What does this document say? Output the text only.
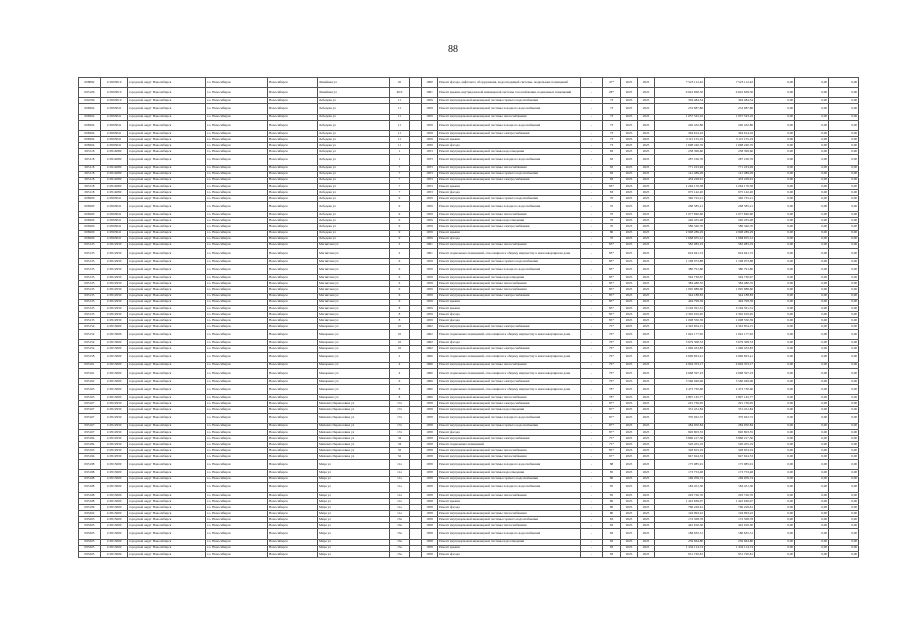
88
008082	110503010	городской округ Новосибирск	г.о. Новосибирск	Новосибирск	Линейная ул	45		1960	Ремонт фасада, лифтового оборудования, водоотводящей системы, подвальных помещений	-	47*	2025	2025	7 523 112,42	7 523 112,42	0,00	0,00	0,00
095106	110503010	городской округ Новосибирск	г.о. Новосибирск	Новосибирск	Линейная ул	40/2		1961	Ремонт крыши, внутридомовой инженерной системы газоснабжения, подвальных помещений	-	28*	2025	2025	9 642 828,50	9 642 828,50	0,00	0,00	0,00
094796	110503010	городской округ Новосибирск	г.о. Новосибирск	Новосибирск	Лебедева ул	11		1959	Ремонт внутридомовой инженерной системы горячего водоснабжения	-	73	2025	2025	394 484,54	394 484,54	0,00	0,00	0,00
008204	110503041	городской округ Новосибирск	г.о. Новосибирск	Новосибирск	Лебедева ул	11		1959	Ремонт внутридомовой инженерной системы холодного водоснабжения	-	73	2025	2025	233 987,86	233 987,86	0,00	0,00	0,00
008204	110503041	городской округ Новосибирск	г.о. Новосибирск	Новосибирск	Лебедева ул	11		1959	Ремонт внутридомовой инженерной системы теплоснабжения	-	73	2025	2025	1 057 543,16	1 057 543,16	0,00	0,00	0,00
008204	110503041	городской округ Новосибирск	г.о. Новосибирск	Новосибирск	Лебедева ул	11		1959	Ремонт внутридомовой инженерной системы холодного водоснабжения	-	73	2025	2025	240 432,86	240 432,86	0,00	0,00	0,00
008204	110503041	городской округ Новосибирск	г.о. Новосибирск	Новосибирск	Лебедева ул	11		1959	Ремонт внутридомовой инженерной системы электроснабжения	-	73	2025	2025	394 614,16	394 614,16	0,00	0,00	0,00
008204	110503041	городской округ Новосибирск	г.о. Новосибирск	Новосибирск	Лебедева ул	11		1959	Ремонт крыши	-	73	2025	2025	3 115 155,19	3 115 155,19	0,00	0,00	0,00
008204	110503041	городской округ Новосибирск	г.о. Новосибирск	Новосибирск	Лебедева ул	11		1959	Ремонт фасада	-	73	2025	2025	1 698 240,76	1 698 240,76	0,00	0,00	0,00
095118	110514080	городской округ Новосибирск	г.о. Новосибирск	Новосибирск	Лебедева ул	1		1953	Ремонт внутридомовой инженерной системы водоотведения	-	83	2025	2025	258 399,60	258 399,60	0,00	0,00	0,00
095118	110514080	городской округ Новосибирск	г.о. Новосибирск	Новосибирск	Лебедева ул	1		1953	Ремонт внутридомовой инженерной системы холодного водоснабжения	-	83	2025	2025	287 106,76	287 106,76	0,00	0,00	0,00
095118	110514080	городской округ Новосибирск	г.о. Новосибирск	Новосибирск	Лебедева ул	7		1953	Ремонт внутридомовой инженерной системы теплоснабжения	-	83	2025	2025	771 223,49	771 223,49	0,00	0,00	0,00
095118	110514080	городской округ Новосибирск	г.о. Новосибирск	Новосибирск	Лебедева ул	7		1953	Ремонт внутридомовой инженерной системы горячего водоснабжения	-	83	2025	2025	141 489,29	141 489,29	0,00	0,00	0,00
095118	110514080	городской округ Новосибирск	г.о. Новосибирск	Новосибирск	Лебедева ул	7		1953	Ремонт внутридомовой инженерной системы электроснабжения	-	83	2025	2025	433 228,91	433 228,91	0,00	0,00	0,00
095118	110514080	городской округ Новосибирск	г.о. Новосибирск	Новосибирск	Лебедева ул	7		1953	Ремонт крыши	-	83*	2025	2025	1 264 176,58	1 264 176,58	0,00	0,00	0,00
095118	110514080	городской округ Новосибирск	г.о. Новосибирск	Новосибирск	Лебедева ул	7		1953	Ремонт фасада	-	83	2025	2025	975 142,20	975 142,20	0,00	0,00	0,00
008200	110503041	городской округ Новосибирск	г.о. Новосибирск	Новосибирск	Лебедева ул	9		1959	Ремонт внутридомовой инженерной системы горячего водоснабжения	-	70	2025	2025	340 725,21	340 725,21	0,00	0,00	0,00
008200	110503041	городской округ Новосибирск	г.о. Новосибирск	Новосибирск	Лебедева ул	9		1959	Ремонт внутридомовой инженерной системы холодного водоснабжения	-	70	2025	2025	268 585,21	268 585,21	0,00	0,00	0,00
008200	110503041	городской округ Новосибирск	г.о. Новосибирск	Новосибирск	Лебедева ул	9		1959	Ремонт внутридомовой инженерной системы теплоснабжения	-	70	2025	2025	1 077 840,60	1 077 840,60	0,00	0,00	0,00
008200	110503041	городской округ Новосибирск	г.о. Новосибирск	Новосибирск	Лебедева ул	9		1959	Ремонт внутридомовой инженерной системы водоотведения	-	70	2025	2025	240 435,48	240 435,48	0,00	0,00	0,00
008200	110503041	городской округ Новосибирск	г.о. Новосибирск	Новосибирск	Лебедева ул	9		1959	Ремонт внутридомовой инженерной системы электроснабжения	-	70	2025	2025	586 340,70	586 340,70	0,00	0,00	0,00
008200	110503041	городской округ Новосибирск	г.о. Новосибирск	Новосибирск	Лебедева ул	9		1959	Ремонт крыши	-	80	2025	2025	2 998 289,29	2 998 289,29	0,00	0,00	0,00
008200	110503041	городской округ Новосибирск	г.о. Новосибирск	Новосибирск	Лебедева ул	9		1959	Ремонт фасада	-	70	2025	2025	1 068 655,12	1 068 655,12	0,00	0,00	0,00
095133	110512930	городской округ Новосибирск	г.о. Новосибирск	Новосибирск	Магнитная ул	2		1961	Ремонт внутридомовой инженерной системы теплоснабжения	-	83*	2025	2025	582 083,19	582 083,19	0,00	0,00	0,00
095133	110512930	городской округ Новосибирск	г.о. Новосибирск	Новосибирск	Магнитная ул	2		1961	Ремонт подвальных помещений, относящихся к общему имуществу в многоквартирном доме	-	83*	2025	2025	624 941,72	624 941,72	0,00	0,00	0,00
095135	110512930	городской округ Новосибирск	г.о. Новосибирск	Новосибирск	Магнитная ул	6		1959	Ремонт внутридомовой инженерной системы горячего водоснабжения	-	85*	2025	2025	1 198 073,88	1 198 073,88	0,00	0,00	0,00
095135	110512930	городской округ Новосибирск	г.о. Новосибирск	Новосибирск	Магнитная ул	6		1959	Ремонт внутридомовой инженерной системы холодного водоснабжения	-	85*	2025	2025	380 791,80	380 791,80	0,00	0,00	0,00
095135	110512930	городской округ Новосибирск	г.о. Новосибирск	Новосибирск	Магнитная ул	6		1959	Ремонт внутридомовой инженерной системы водоотведения	-	85*	2025	2025	594 736,67	594 736,67	0,00	0,00	0,00
095135	110512930	городской округ Новосибирск	г.о. Новосибирск	Новосибирск	Магнитная ул	6		1959	Ремонт внутридомовой инженерной системы теплоснабжения	-	85*	2025	2025	384 480,55	384 480,55	0,00	0,00	0,00
095135	110512930	городской округ Новосибирск	г.о. Новосибирск	Новосибирск	Магнитная ул	6		1959	Ремонт внутридомовой инженерной системы теплоснабжения	-	85*	2025	2025	1 095 988,60	1 095 988,60	0,00	0,00	0,00
095135	110512930	городской округ Новосибирск	г.о. Новосибирск	Новосибирск	Магнитная ул	6		1959	Ремонт внутридомовой инженерной системы электроснабжения	-	85*	2025	2025	344 188,83	344 188,83	0,00	0,00	0,00
095135	110512930	городской округ Новосибирск	г.о. Новосибирск	Новосибирск	Магнитная ул	6		1959	Ремонт крыши	-	85*	2025	2025	494 799,59	494 799,59	0,00	0,00	0,00
095135	110512930	городской округ Новосибирск	г.о. Новосибирск	Новосибирск	Магнитная ул	8		1959	Ремонт крыши	-	85*	2025	2025	3 194 591,31	3 194 591,31	0,00	0,00	0,00
095135	110512930	городской округ Новосибирск	г.о. Новосибирск	Новосибирск	Магнитная ул	8		1959	Ремонт фасада	-	85*	2025	2025	2 302 910,95	2 302 910,95	0,00	0,00	0,00
095135	110512930	городской округ Новосибирск	г.о. Новосибирск	Новосибирск	Магнитная ул	8		1959	Ремонт фасада	-	85*	2025	2025	1 008 550,59	1 008 550,59	0,00	0,00	0,00
095154	110515600	городской округ Новосибирск	г.о. Новосибирск	Новосибирск	Макаренко ул	10		1962	Ремонт внутридомовой инженерной системы электроснабжения	-	75*	2025	2025	4 343 854,15	4 343 854,15	0,00	0,00	0,00
095154	110515600	городской округ Новосибирск	г.о. Новосибирск	Новосибирск	Макаренко ул	10		1962	Ремонт подвальных помещений, относящихся к общему имуществу в многоквартирном доме	-	76*	2025	2025	1 042 177,92	1 042 177,92	0,00	0,00	0,00
095154	110515600	городской округ Новосибирск	г.о. Новосибирск	Новосибирск	Макаренко ул	10		1962	Ремонт фасада	-	76*	2025	2025	3 679 308,53	3 679 308,53	0,00	0,00	0,00
095154	110515600	городской округ Новосибирск	г.о. Новосибирск	Новосибирск	Макаренко ул	10		1962	Ремонт внутридомовой инженерной системы электроснабжения	-	76*	2025	2025	1 096 433,83	1 096 433,83	0,00	0,00	0,00
095158	110515600	городской округ Новосибирск	г.о. Новосибирск	Новосибирск	Макаренко ул	2		1966	Ремонт подвальных помещений, относящихся к общему имуществу в многоквартирном доме	-	76*	2025	2025	2 699 823,41	2 699 823,41	0,00	0,00	0,00
095161	110515600	городской округ Новосибирск	г.о. Новосибирск	Новосибирск	Макаренко ул	4		1966	Ремонт внутридомовой инженерной системы теплоснабжения	-	76*	2025	2025	4 904 353,17	4 904 353,17	0,00	0,00	0,00
095161	110515600	городской округ Новосибирск	г.о. Новосибирск	Новосибирск	Макаренко ул	4		1966	Ремонт подвальных помещений, относящихся к общему имуществу в многоквартирном доме	-	76*	2025	2025	2 668 597,23	2 668 597,23	0,00	0,00	0,00
095162	110515600	городской округ Новосибирск	г.о. Новосибирск	Новосибирск	Макаренко ул	6		1966	Ремонт внутридомовой инженерной системы электроснабжения	-	76*	2025	2025	3 566 049,06	3 566 049,06	0,00	0,00	0,00
095163	110515600	городской округ Новосибирск	г.о. Новосибирск	Новосибирск	Макаренко ул	8		1966	Ремонт подвальных помещений, относящихся к общему имуществу в многоквартирном доме	-	78*	2025	2025	2 473 730,60	2 473 730,60	0,00	0,00	0,00
095165	110515600	городской округ Новосибирск	г.о. Новосибирск	Новосибирск	Макаренко ул	8		1966	Ремонт внутридомовой инженерной системы теплоснабжения	-	78*	2025	2025	2 897 145,77	2 897 145,77	0,00	0,00	0,00
095167	110512930	городской округ Новосибирск	г.о. Новосибирск	Новосибирск	Михаила Перевозчика ул	17а		1958	Ремонт внутридомовой инженерной системы электроснабжения	-	87*	2025	2025	291 736,95	291 736,95	0,00	0,00	0,00
095167	110512930	городской округ Новосибирск	г.о. Новосибирск	Новосибирск	Михаила Перевозчика ул	17а		1958	Ремонт внутридомовой инженерной системы водоотведения	-	87*	2025	2025	331 431,84	331 431,84	0,00	0,00	0,00
095167	110512930	городской округ Новосибирск	г.о. Новосибирск	Новосибирск	Михаила Перевозчика ул	17а		1958	Ремонт внутридомовой инженерной системы холодного водоснабжения	-	87*	2025	2025	370 022,72	370 022,72	0,00	0,00	0,00
095167	110512930	городской округ Новосибирск	г.о. Новосибирск	Новосибирск	Михаила Перевозчика ул	17а		1958	Ремонт внутридомовой инженерной системы горячего водоснабжения	-	87*	2025	2025	284 950,84	284 950,84	0,00	0,00	0,00
095167	110512930	городской округ Новосибирск	г.о. Новосибирск	Новосибирск	Михаила Перевозчика ул	17а		1958	Ремонт фасада	-	87*	2025	2025	820 803,55	820 803,55	0,00	0,00	0,00
095184	110512930	городской округ Новосибирск	г.о. Новосибирск	Новосибирск	Михаила Перевозчика ул	34		1958	Ремонт внутридомовой инженерной системы электроснабжения	-	75*	2025	2025	5 866 217,30	5 866 217,30	0,00	0,00	0,00
095184	110512930	городской округ Новосибирск	г.о. Новосибирск	Новосибирск	Михаила Перевозчика ул	34		1958	Ремонт подвальных помещений	-	75*	2025	2025	526 455,19	526 455,19	0,00	0,00	0,00
095193	110512930	городской округ Новосибирск	г.о. Новосибирск	Новосибирск	Михаила Перевозчика ул	32		1958	Ремонт внутридомовой инженерной системы теплоснабжения	-	85*	2025	2025	328 653,19	328 653,19	0,00	0,00	0,00
095194	110512930	городской округ Новосибирск	г.о. Новосибирск	Новосибирск	Михаила Перевозчика ул	32		1958	Ремонт внутридомовой инженерной системы теплоснабжения	-	97*	2025	2025	947 624,53	947 624,53	0,00	0,00	0,00
095198	110515600	городской округ Новосибирск	г.о. Новосибирск	Новосибирск	Мира ул	11а		1958	Ремонт внутридомовой инженерной системы холодного водоснабжения	-	88	2025	2025	175 985,91	175 985,91	0,00	0,00	0,00
095198	110515600	городской округ Новосибирск	г.о. Новосибирск	Новосибирск	Мира ул	11а		1958	Ремонт внутридомовой инженерной системы водоотведения	-	85	2025	2025	173 753,48	173 753,48	0,00	0,00	0,00
095198	110515600	городской округ Новосибирск	г.о. Новосибирск	Новосибирск	Мира ул	11а		1958	Ремонт внутридомовой инженерной системы горячего водоснабжения	-	80	2025	2025	169 059,74	169 059,74	0,00	0,00	0,00
095198	110515600	городской округ Новосибирск	г.о. Новосибирск	Новосибирск	Мира ул	11а		1958	Ремонт внутридомовой инженерной системы холодного водоснабжения	-	85	2025	2025	184 451,36	184 451,36	0,00	0,00	0,00
095198	110515600	городской округ Новосибирск	г.о. Новосибирск	Новосибирск	Мира ул	11а		1958	Ремонт внутридомовой инженерной системы теплоснабжения	-	85	2025	2025	293 726,76	293 726,76	0,00	0,00	0,00
095198	110515600	городской округ Новосибирск	г.о. Новосибирск	Новосибирск	Мира ул	11а		1958	Ремонт крыши	-	80	2025	2025	1 422 636,97	1 422 636,97	0,00	0,00	0,00
095199	110515600	городской округ Новосибирск	г.о. Новосибирск	Новосибирск	Мира ул	11а		1958	Ремонт фасада	-	80	2025	2025	766 229,61	766 229,61	0,00	0,00	0,00
095202	110515600	городской округ Новосибирск	г.о. Новосибирск	Новосибирск	Мира ул	11а		1958	Ремонт внутридомовой инженерной системы теплоснабжения	-	80	2025	2025	194 993,22	194 993,22	0,00	0,00	0,00
095203	110515600	городской округ Новосибирск	г.о. Новосибирск	Новосибирск	Мира ул	13а		1958	Ремонт внутридомовой инженерной системы горячего водоснабжения	-	83	2025	2025	172 508,78	172 508,78	0,00	0,00	0,00
095203	110515600	городской округ Новосибирск	г.о. Новосибирск	Новосибирск	Мира ул	13а		1958	Ремонт внутридомовой инженерной системы теплоснабжения	-	83	2025	2025	442 916,30	442 916,30	0,00	0,00	0,00
095203	110515600	городской округ Новосибирск	г.о. Новосибирск	Новосибирск	Мира ул	13а		1958	Ремонт внутридомовой инженерной системы холодного водоснабжения	-	83	2025	2025	186 635,51	186 635,51	0,00	0,00	0,00
095203	110515600	городской округ Новосибирск	г.о. Новосибирск	Новосибирск	Мира ул	13а		1958	Ремонт внутридомовой инженерной системы водоотведения	-	83	2025	2025	239 664,80	239 664,80	0,00	0,00	0,00
095203	110515600	городской округ Новосибирск	г.о. Новосибирск	Новосибирск	Мира ул	13а		1958	Ремонт крыши	-	83	2025	2025	1 434 114,74	1 434 114,74	0,00	0,00	0,00
095203	110515600	городской округ Новосибирск	г.о. Новосибирск	Новосибирск	Мира ул	13а		1958	Ремонт фасада	-	83	2025	2025	951 720,81	951 720,81	0,00	0,00	0,00
